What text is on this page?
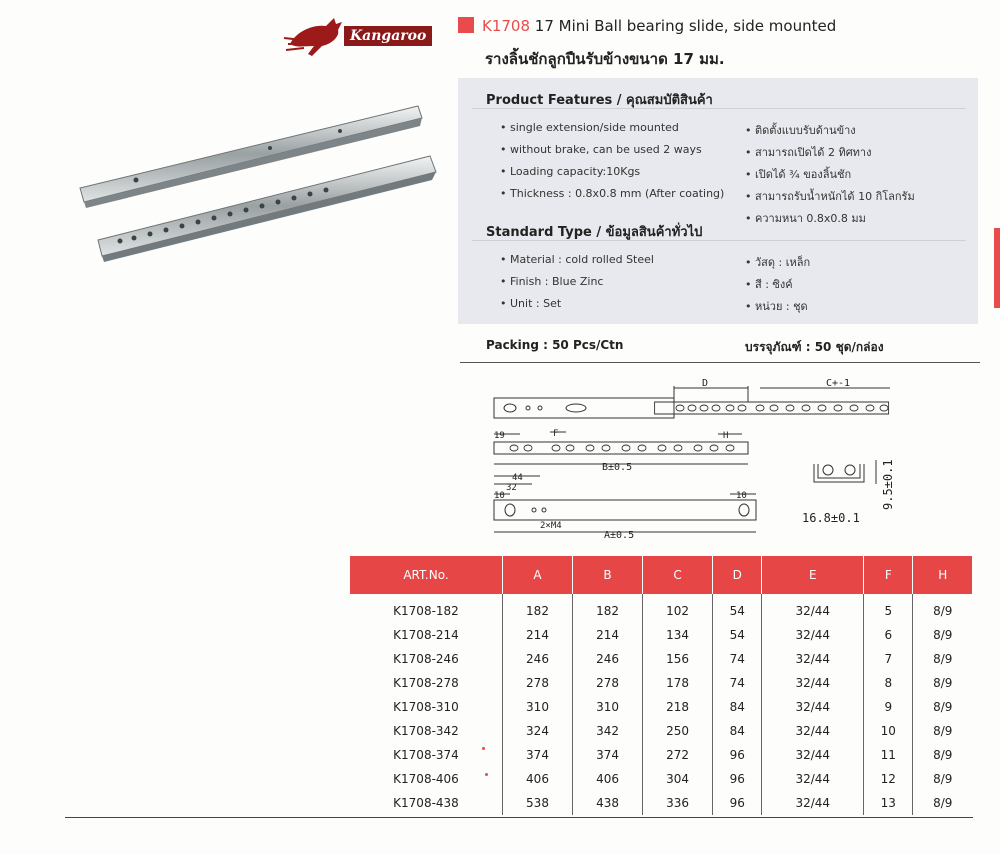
Kangaroo
K1708 17 Mini Ball bearing slide, side mounted
รางลิ้นชักลูกปืนรับข้างขนาด 17 มม.
Product Features / คุณสมบัติสินค้า
• single extension/side mounted
• without brake, can be used 2 ways
• Loading capacity:10Kgs
• Thickness : 0.8x0.8 mm (After coating)
• ติดตั้งแบบรับด้านข้าง
• สามารถเปิดได้ 2 ทิศทาง
• เปิดได้ ¾ ของลิ้นชัก
• สามารถรับน้ำหนักได้ 10 กิโลกรัม
• ความหนา 0.8x0.8 มม
Standard Type / ข้อมูลสินค้าทั่วไป
• Material : cold rolled Steel
• Finish : Blue Zinc
• Unit : Set
• วัสดุ : เหล็ก
• สี : ซิงค์
• หน่วย : ชุด
Packing : 50 Pcs/Ctn	บรรจุภัณฑ์ : 50 ชุด/กล่อง
D	C+-1
19	F	H
B±0.5
44
32
10	10
2×M4
A±0.5
16.8±0.1
9.5±0.1
ART.No.	A	B	C	D	E	F	H
K1708-182	182	182	102	54	32/44	5	8/9
K1708-214	214	214	134	54	32/44	6	8/9
K1708-246	246	246	156	74	32/44	7	8/9
K1708-278	278	278	178	74	32/44	8	8/9
K1708-310	310	310	218	84	32/44	9	8/9
K1708-342	324	342	250	84	32/44	10	8/9
K1708-374	374	374	272	96	32/44	11	8/9
K1708-406	406	406	304	96	32/44	12	8/9
K1708-438	538	438	336	96	32/44	13	8/9
